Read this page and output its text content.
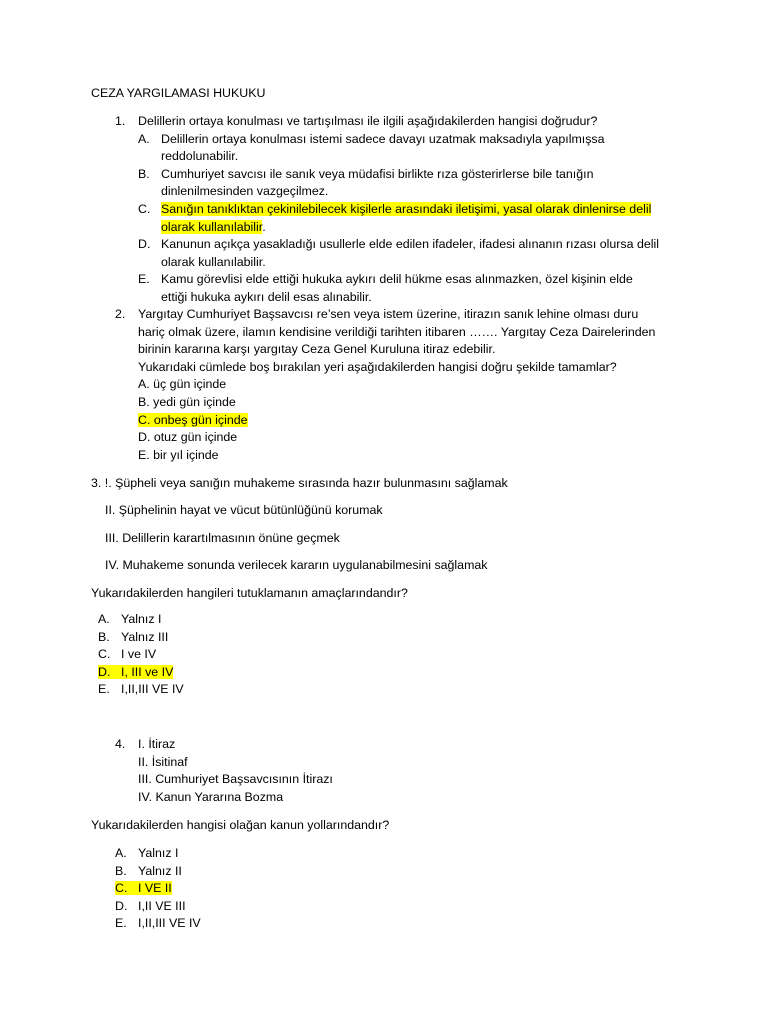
CEZA YARGILAMASI HUKUKU
1. Delillerin ortaya konulması ve tartışılması ile ilgili aşağıdakilerden hangisi doğrudur?
A. Delillerin ortaya konulması istemi sadece davayı uzatmak maksadıyla yapılmışsa
reddolunabilir.
B. Cumhuriyet savcısı ile sanık veya müdafisi birlikte rıza gösterirlerse bile tanığın
dinlenilmesinden vazgeçilmez.
C. Sanığın tanıklıktan çekinilebilecek kişilerle arasındaki iletişimi, yasal olarak dinlenirse delil
olarak kullanılabilir.
D. Kanunun açıkça yasakladığı usullerle elde edilen ifadeler, ifadesi alınanın rızası olursa delil
olarak kullanılabilir.
E. Kamu görevlisi elde ettiği hukuka aykırı delil hükme esas alınmazken, özel kişinin elde
ettiği hukuka aykırı delil esas alınabilir.
2. Yargıtay Cumhuriyet Başsavcısı re’sen veya istem üzerine, itirazın sanık lehine olması duru
hariç olmak üzere, ilamın kendisine verildiği tarihten itibaren ……. Yargıtay Ceza Dairelerinden
birinin kararına karşı yargıtay Ceza Genel Kuruluna itiraz edebilir.
Yukarıdaki cümlede boş bırakılan yeri aşağıdakilerden hangisi doğru şekilde tamamlar?
A. üç gün içinde
B. yedi gün içinde
C. onbeş gün içinde
D. otuz gün içinde
E. bir yıl içinde
3. !. Şüpheli veya sanığın muhakeme sırasında hazır bulunmasını sağlamak
II. Şüphelinin hayat ve vücut bütünlüğünü korumak
III. Delillerin karartılmasının önüne geçmek
IV. Muhakeme sonunda verilecek kararın uygulanabilmesini sağlamak
Yukarıdakilerden hangileri tutuklamanın amaçlarındandır?
A. Yalnız I
B. Yalnız III
C. I ve IV
D. I, III ve IV
E. I,II,III VE IV
4. I. İtiraz
II. İsitinaf
III. Cumhuriyet Başsavcısının İtirazı
IV. Kanun Yararına Bozma
Yukarıdakilerden hangisi olağan kanun yollarındandır?
A. Yalnız I
B. Yalnız II
C. I VE II
D. I,II VE III
E. I,II,III VE IV
